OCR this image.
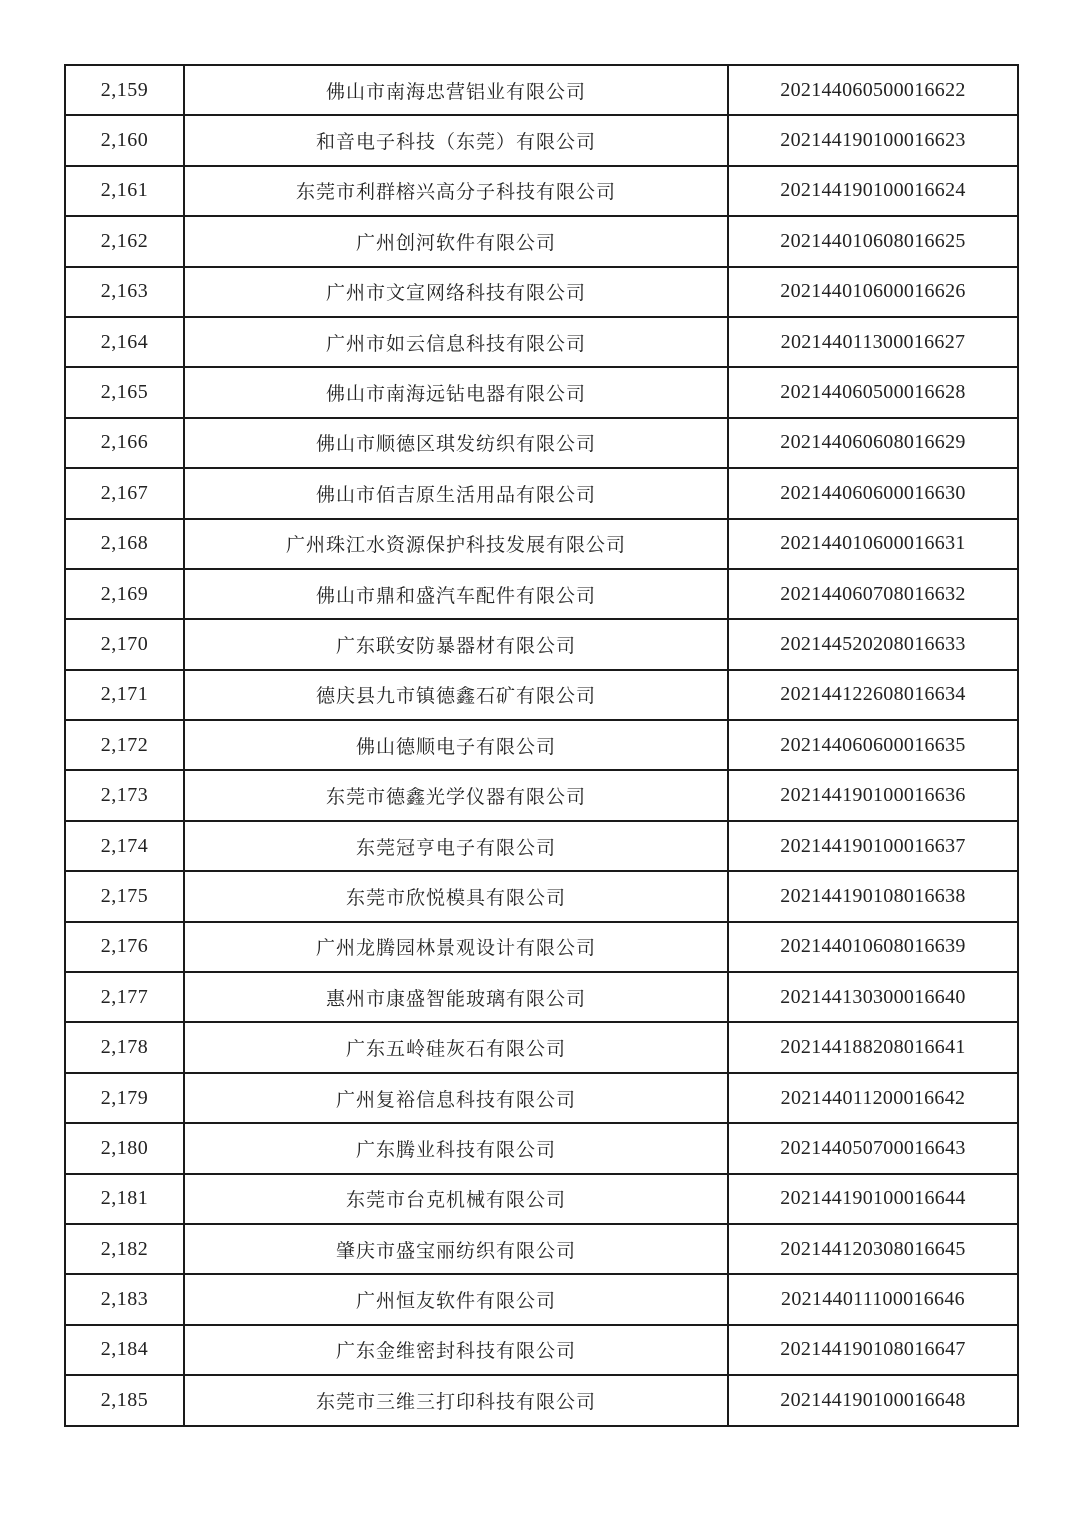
2,159	佛山市南海忠营铝业有限公司	202144060500016622
2,160	和音电子科技（东莞）有限公司	202144190100016623
2,161	东莞市利群榕兴高分子科技有限公司	202144190100016624
2,162	广州创河软件有限公司	202144010608016625
2,163	广州市文宣网络科技有限公司	202144010600016626
2,164	广州市如云信息科技有限公司	202144011300016627
2,165	佛山市南海远钻电器有限公司	202144060500016628
2,166	佛山市顺德区琪发纺织有限公司	202144060608016629
2,167	佛山市佰吉原生活用品有限公司	202144060600016630
2,168	广州珠江水资源保护科技发展有限公司	202144010600016631
2,169	佛山市鼎和盛汽车配件有限公司	202144060708016632
2,170	广东联安防暴器材有限公司	202144520208016633
2,171	德庆县九市镇德鑫石矿有限公司	202144122608016634
2,172	佛山德顺电子有限公司	202144060600016635
2,173	东莞市德鑫光学仪器有限公司	202144190100016636
2,174	东莞冠亨电子有限公司	202144190100016637
2,175	东莞市欣悦模具有限公司	202144190108016638
2,176	广州龙腾园林景观设计有限公司	202144010608016639
2,177	惠州市康盛智能玻璃有限公司	202144130300016640
2,178	广东五岭硅灰石有限公司	202144188208016641
2,179	广州复裕信息科技有限公司	202144011200016642
2,180	广东腾业科技有限公司	202144050700016643
2,181	东莞市台克机械有限公司	202144190100016644
2,182	肇庆市盛宝丽纺织有限公司	202144120308016645
2,183	广州恒友软件有限公司	202144011100016646
2,184	广东金维密封科技有限公司	202144190108016647
2,185	东莞市三维三打印科技有限公司	202144190100016648
